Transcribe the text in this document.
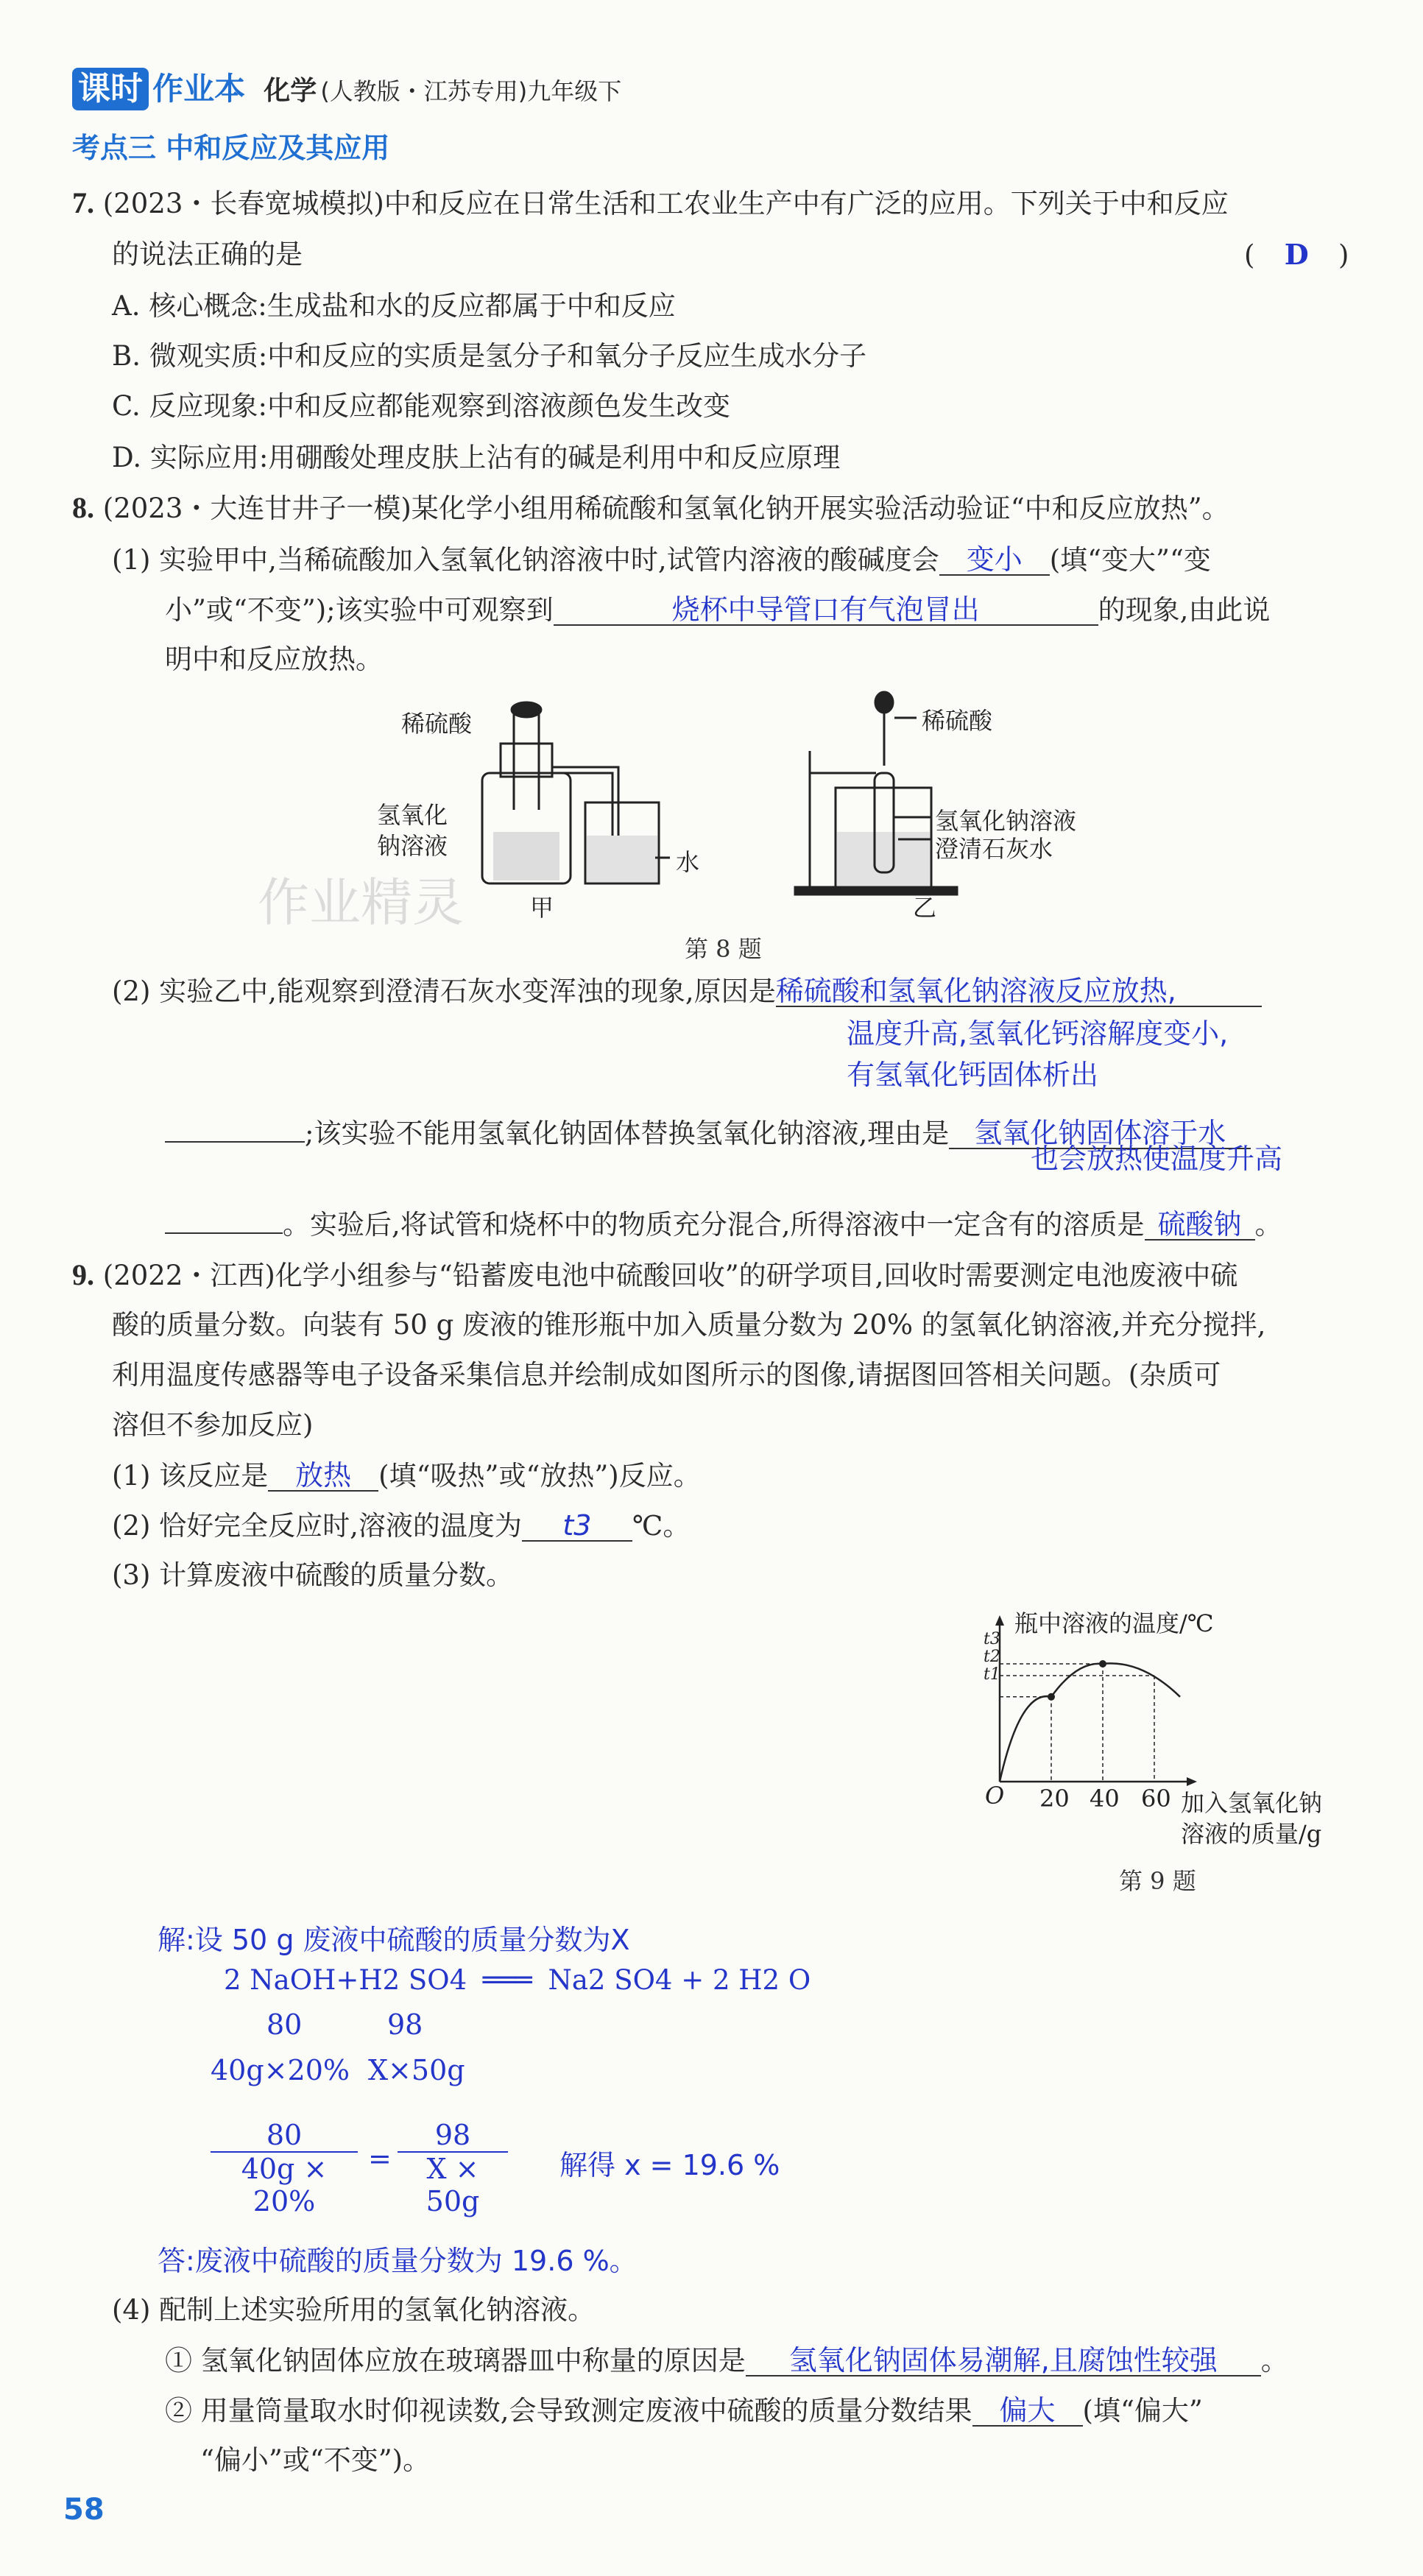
课时 作业本 化学 (人教版・江苏专用)九年级下
考点三 中和反应及其应用
7. (2023・长春宽城模拟)中和反应在日常生活和工农业生产中有广泛的应用。下列关于中和反应
的说法正确的是	( D )
A. 核心概念:生成盐和水的反应都属于中和反应
B. 微观实质:中和反应的实质是氢分子和氧分子反应生成水分子
C. 反应现象:中和反应都能观察到溶液颜色发生改变
D. 实际应用:用硼酸处理皮肤上沾有的碱是利用中和反应原理
8. (2023・大连甘井子一模)某化学小组用稀硫酸和氢氧化钠开展实验活动验证“中和反应放热”。
(1) 实验甲中,当稀硫酸加入氢氧化钠溶液中时,试管内溶液的酸碱度会 变小 (填“变大”“变
小”或“不变”);该实验中可观察到	烧杯中导管口有气泡冒出	的现象,由此说
明中和反应放热。
稀硫酸
氢氧化
钠溶液
水
甲
稀硫酸
氢氧化钠溶液
澄清石灰水
乙
作业精灵
第 8 题
(2) 实验乙中,能观察到澄清石灰水变浑浊的现象,原因是稀硫酸和氢氧化钠溶液反应放热,
温度升高,氢氧化钙溶解度变小,
有氢氧化钙固体析出
;该实验不能用氢氧化钠固体替换氢氧化钠溶液,理由是 氢氧化钠固体溶于水
也会放热使温度升高
。实验后,将试管和烧杯中的物质充分混合,所得溶液中一定含有的溶质是 硫酸钠 。
9. (2022・江西)化学小组参与“铅蓄废电池中硫酸回收”的研学项目,回收时需要测定电池废液中硫
酸的质量分数。向装有 50 g 废液的锥形瓶中加入质量分数为 20% 的氢氧化钠溶液,并充分搅拌,
利用温度传感器等电子设备采集信息并绘制成如图所示的图像,请据图回答相关问题。(杂质可
溶但不参加反应)
(1) 该反应是 放热 (填“吸热”或“放热”)反应。
(2) 恰好完全反应时,溶液的温度为 t3 ℃。
(3) 计算废液中硫酸的质量分数。
瓶中溶液的温度/℃
O 20 40 60
t1
t2
t3
加入氢氧化钠
溶液的质量/g
第 9 题
解:设 50 g 废液中硫酸的质量分数为X
2 NaOH+H2 SO4 ═══ Na2 SO4 + 2 H2 O
80	98
40g×20% X×50g
$\frac{80}{40g \times 20\%} = \frac{98}{X \times 50g}$ 解得 x = 19.6 %
答:废液中硫酸的质量分数为 19.6 %。
(4) 配制上述实验所用的氢氧化钠溶液。
① 氢氧化钠固体应放在玻璃器皿中称量的原因是 氢氧化钠固体易潮解,且腐蚀性较强 。
② 用量筒量取水时仰视读数,会导致测定废液中硫酸的质量分数结果 偏大 (填“偏大”
“偏小”或“不变”)。
58
